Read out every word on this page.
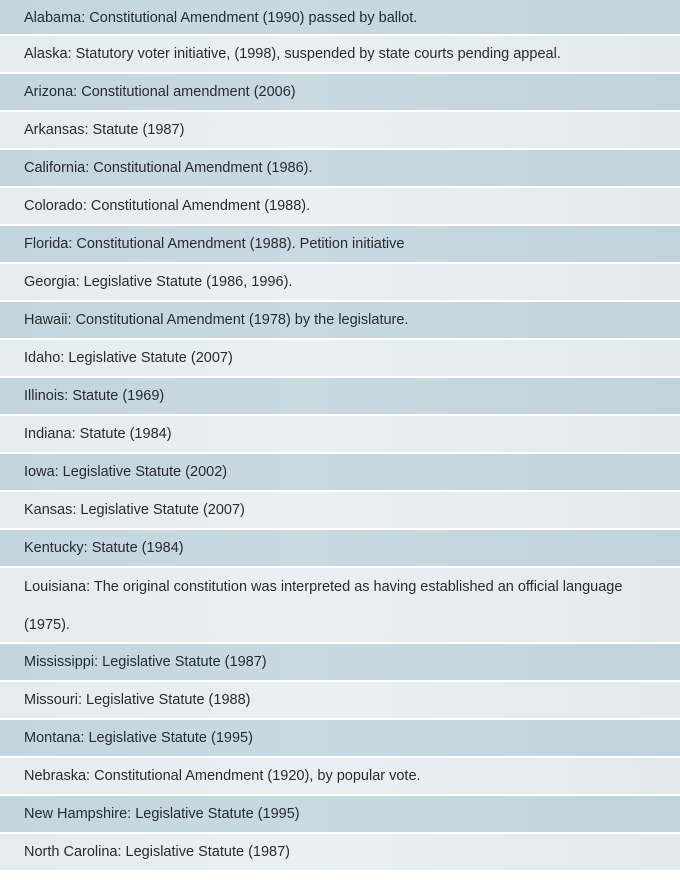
Alabama: Constitutional Amendment (1990) passed by ballot.
Alaska: Statutory voter initiative, (1998), suspended by state courts pending appeal.
Arizona: Constitutional amendment (2006)
Arkansas: Statute (1987)
California: Constitutional Amendment (1986).
Colorado: Constitutional Amendment (1988).
Florida: Constitutional Amendment (1988). Petition initiative
Georgia: Legislative Statute (1986, 1996).
Hawaii: Constitutional Amendment (1978) by the legislature.
Idaho: Legislative Statute (2007)
Illinois: Statute (1969)
Indiana: Statute (1984)
Iowa: Legislative Statute (2002)
Kansas: Legislative Statute (2007)
Kentucky: Statute (1984)
Louisiana: The original constitution was interpreted as having established an official language (1975).
Mississippi: Legislative Statute (1987)
Missouri: Legislative Statute (1988)
Montana: Legislative Statute (1995)
Nebraska: Constitutional Amendment (1920), by popular vote.
New Hampshire: Legislative Statute (1995)
North Carolina: Legislative Statute (1987)
